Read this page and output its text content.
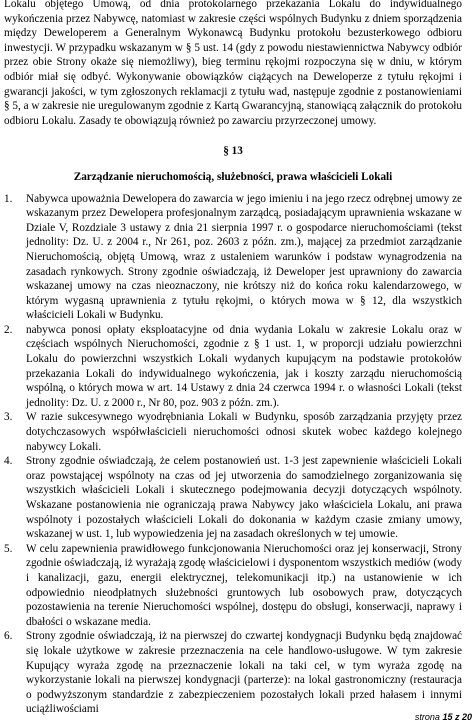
Lokalu objętego Umową, od dnia protokolarnego przekazania Lokalu do indywidualnego wykończenia przez Nabywcę, natomiast w zakresie części wspólnych Budynku z dniem sporządzenia między Deweloperem a Generalnym Wykonawcą Budynku protokołu bezusterkowego odbioru inwestycji. W przypadku wskazanym w § 5 ust. 14 (gdy z powodu niestawiennictwa Nabywcy odbiór przez obie Strony okaże się niemożliwy), bieg terminu rękojmi rozpoczyna się w dniu, w którym odbiór miał się odbyć. Wykonywanie obowiązków ciążących na Deweloperze z tytułu rękojmi i gwarancji jakości, w tym zgłoszonych reklamacji z tytułu wad, następuje zgodnie z postanowieniami § 5, a w zakresie nie uregulowanym zgodnie z Kartą Gwarancyjną, stanowiącą załącznik do protokołu odbioru Lokalu. Zasady te obowiązują również po zawarciu przyrzeczonej umowy.

§ 13

Zarządzanie nieruchomością, służebności, prawa właścicieli Lokali

1. Nabywca upoważnia Dewelopera do zawarcia w jego imieniu i na jego rzecz odrębnej umowy ze wskazanym przez Dewelopera profesjonalnym zarządcą, posiadającym uprawnienia wskazane w Dziale V, Rozdziale 3 ustawy z dnia 21 sierpnia 1997 r. o gospodarce nieruchomościami (tekst jednolity: Dz. U. z 2004 r., Nr 261, poz. 2603 z późn. zm.), mającej za przedmiot zarządzanie Nieruchomością, objętą Umową, wraz z ustaleniem warunków i podstaw wynagrodzenia na zasadach rynkowych. Strony zgodnie oświadczają, iż Deweloper jest uprawniony do zawarcia wskazanej umowy na czas nieoznaczony, nie krótszy niż do końca roku kalendarzowego, w którym wygasną uprawnienia z tytułu rękojmi, o których mowa w § 12, dla wszystkich właścicieli Lokali w Budynku.
2. nabywca ponosi opłaty eksploatacyjne od dnia wydania Lokalu w zakresie Lokalu oraz w częściach wspólnych Nieruchomości, zgodnie z § 1 ust. 1, w proporcji udziału powierzchni Lokalu do powierzchni wszystkich Lokali wydanych kupującym na podstawie protokołów przekazania Lokali do indywidualnego wykończenia, jak i koszty zarządu nieruchomością wspólną, o których mowa w art. 14 Ustawy z dnia 24 czerwca 1994 r. o własności Lokali (tekst jednolity: Dz. U. z 2000 r., Nr 80, poz. 903 z późn. zm.).
3. W razie sukcesywnego wyodrębniania Lokali w Budynku, sposób zarządzania przyjęty przez dotychczasowych współwłaścicieli nieruchomości odnosi skutek wobec każdego kolejnego nabywcy Lokali.
4. Strony zgodnie oświadczają, że celem postanowień ust. 1-3 jest zapewnienie właścicieli Lokali oraz powstającej wspólnoty na czas od jej utworzenia do samodzielnego zorganizowania się wszystkich właścicieli Lokali i skutecznego podejmowania decyzji dotyczących wspólnoty. Wskazane postanowienia nie ograniczają prawa Nabywcy jako właściciela Lokalu, ani prawa wspólnoty i pozostałych właścicieli Lokali do dokonania w każdym czasie zmiany umowy, wskazanej w ust. 1, lub wypowiedzenia jej na zasadach określonych w tej umowie.
5. W celu zapewnienia prawidłowego funkcjonowania Nieruchomości oraz jej konserwacji, Strony zgodnie oświadczają, iż wyrażają zgodę właścicielowi i dysponentom wszystkich mediów (wody i kanalizacji, gazu, energii elektrycznej, telekomunikacji itp.) na ustanowienie w ich odpowiednio nieodpłatnych służebności gruntowych lub osobowych praw, dotyczących pozostawienia na terenie Nieruchomości wspólnej, dostępu do obsługi, konserwacji, naprawy i dbałości o wskazane media.
6. Strony zgodnie oświadczają, iż na pierwszej do czwartej kondygnacji Budynku będą znajdować się lokale użytkowe w zakresie przeznaczenia na cele handlowo-usługowe. W tym zakresie Kupujący wyraża zgodę na przeznaczenie lokali na taki cel, w tym wyraża zgodę na wykorzystanie lokali na pierwszej kondygnacji (parterze): na lokal gastronomiczny (restauracja o podwyższonym standardzie z zabezpieczeniem pozostałych lokali przed hałasem i innymi uciążliwościami
strona 15 z 20
